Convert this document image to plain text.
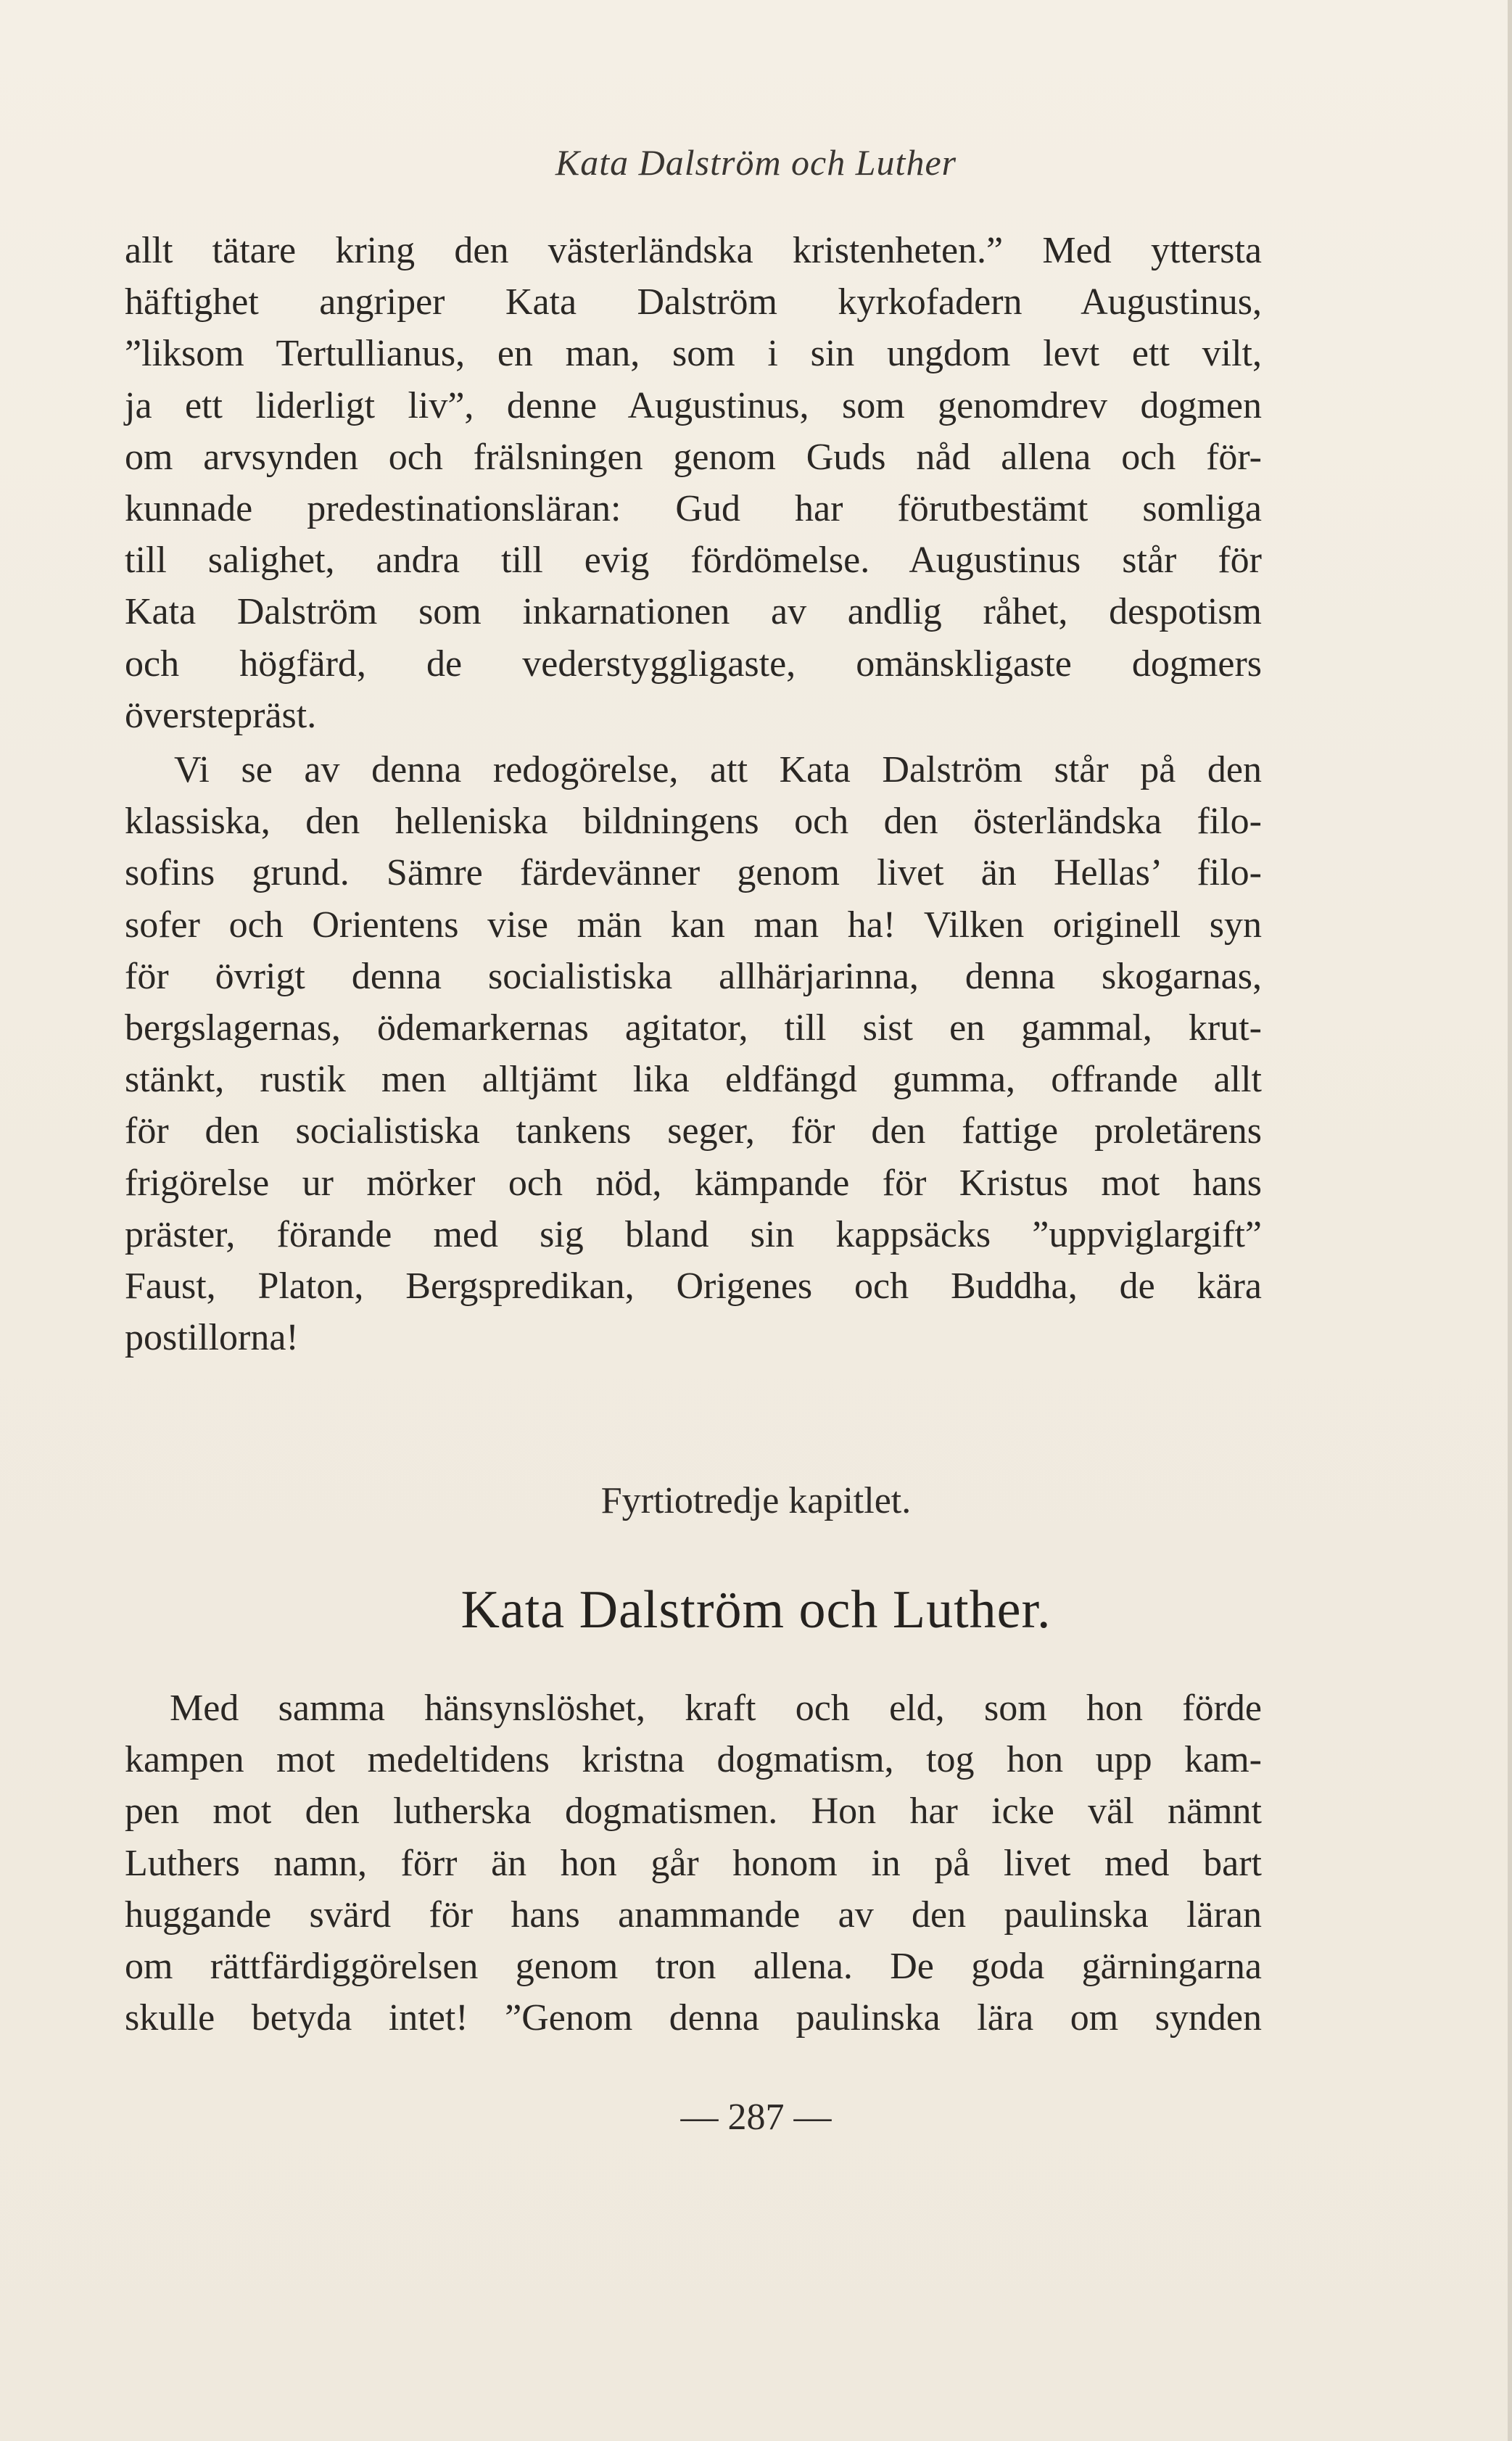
Kata Dalström och Luther
allt tätare kring den västerländska kristenheten.” Med yttersta
häftighet angriper Kata Dalström kyrkofadern Augustinus,
”liksom Tertullianus, en man, som i sin ungdom levt ett vilt,
ja ett liderligt liv”, denne Augustinus, som genomdrev dogmen
om arvsynden och frälsningen genom Guds nåd allena och för-
kunnade predestinationsläran: Gud har förutbestämt somliga
till salighet, andra till evig fördömelse. Augustinus står för
Kata Dalström som inkarnationen av andlig råhet, despotism
och högfärd, de vederstyggligaste, omänskligaste dogmers
överstepräst.
Vi se av denna redogörelse, att Kata Dalström står på den
klassiska, den helleniska bildningens och den österländska filo-
sofins grund. Sämre färdevänner genom livet än Hellas’ filo-
sofer och Orientens vise män kan man ha! Vilken originell syn
för övrigt denna socialistiska allhärjarinna, denna skogarnas,
bergslagernas, ödemarkernas agitator, till sist en gammal, krut-
stänkt, rustik men alltjämt lika eldfängd gumma, offrande allt
för den socialistiska tankens seger, för den fattige proletärens
frigörelse ur mörker och nöd, kämpande för Kristus mot hans
präster, förande med sig bland sin kappsäcks ”uppviglargift”
Faust, Platon, Bergspredikan, Origenes och Buddha, de kära
postillorna!
Fyrtiotredje kapitlet.
Kata Dalström och Luther.
Med samma hänsynslöshet, kraft och eld, som hon förde
kampen mot medeltidens kristna dogmatism, tog hon upp kam-
pen mot den lutherska dogmatismen. Hon har icke väl nämnt
Luthers namn, förr än hon går honom in på livet med bart
huggande svärd för hans anammande av den paulinska läran
om rättfärdiggörelsen genom tron allena. De goda gärningarna
skulle betyda intet! ”Genom denna paulinska lära om synden
— 287 —
